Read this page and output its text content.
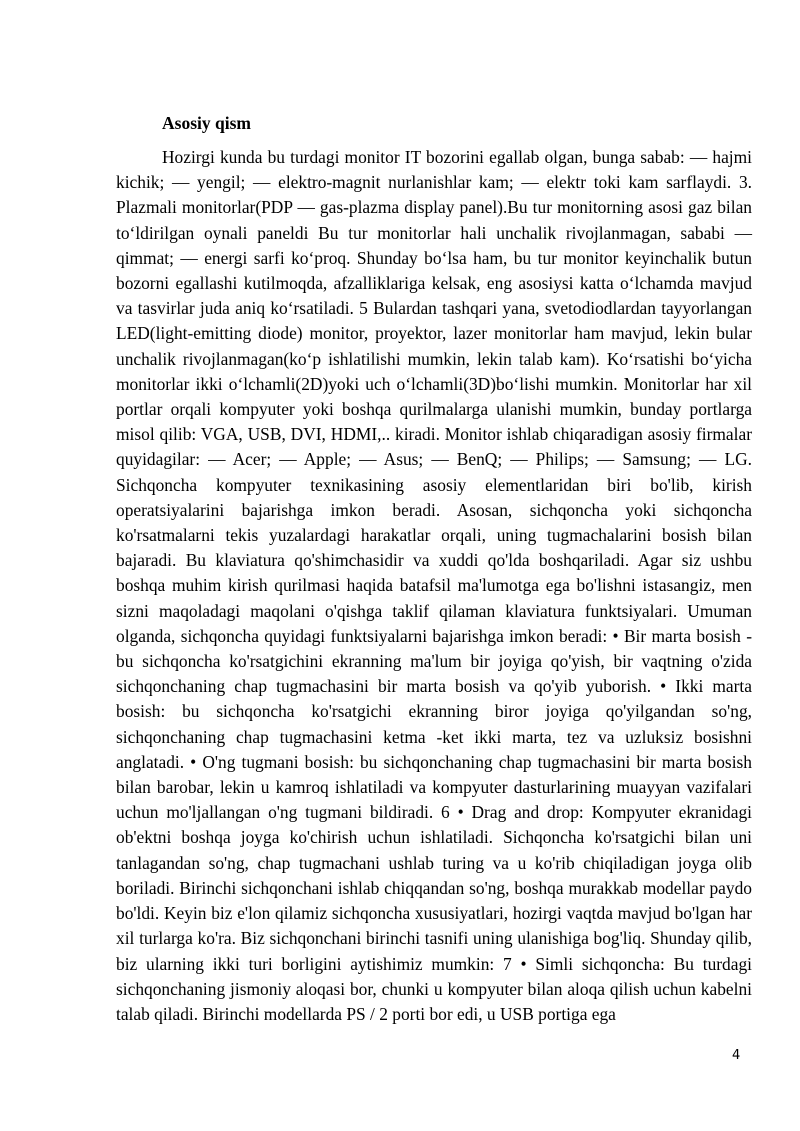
Asosiy qism

Hozirgi kunda bu turdagi monitor IT bozorini egallab olgan, bunga sabab: — hajmi kichik; — yengil; — elektro-magnit nurlanishlar kam; — elektr toki kam sarflaydi. 3. Plazmali monitorlar(PDP — gas-plazma display panel).Bu tur monitorning asosi gaz bilan to‘ldirilgan oynali paneldi Bu tur monitorlar hali unchalik rivojlanmagan, sababi — qimmat; — energi sarfi ko‘proq. Shunday bo‘lsa ham, bu tur monitor keyinchalik butun bozorni egallashi kutilmoqda, afzalliklariga kelsak, eng asosiysi katta o‘lchamda mavjud va tasvirlar juda aniq ko‘rsatiladi. 5 Bulardan tashqari yana, svetodiodlardan tayyorlangan LED(light-emitting diode) monitor, proyektor, lazer monitorlar ham mavjud, lekin bular unchalik rivojlanmagan(ko‘p ishlatilishi mumkin, lekin talab kam). Ko‘rsatishi bo‘yicha monitorlar ikki o‘lchamli(2D)yoki uch o‘lchamli(3D)bo‘lishi mumkin. Monitorlar har xil portlar orqali kompyuter yoki boshqa qurilmalarga ulanishi mumkin, bunday portlarga misol qilib: VGA, USB, DVI, HDMI,.. kiradi. Monitor ishlab chiqaradigan asosiy firmalar quyidagilar: — Acer; — Apple; — Asus; — BenQ; — Philips; — Samsung; — LG. Sichqoncha kompyuter texnikasining asosiy elementlaridan biri bo'lib, kirish operatsiyalarini bajarishga imkon beradi. Asosan, sichqoncha yoki sichqoncha ko'rsatmalarni tekis yuzalardagi harakatlar orqali, uning tugmachalarini bosish bilan bajaradi. Bu klaviatura qo'shimchasidir va xuddi qo'lda boshqariladi. Agar siz ushbu boshqa muhim kirish qurilmasi haqida batafsil ma'lumotga ega bo'lishni istasangiz, men sizni maqoladagi maqolani o'qishga taklif qilaman klaviatura funktsiyalari. Umuman olganda, sichqoncha quyidagi funktsiyalarni bajarishga imkon beradi: • Bir marta bosish - bu sichqoncha ko'rsatgichini ekranning ma'lum bir joyiga qo'yish, bir vaqtning o'zida sichqonchaning chap tugmachasini bir marta bosish va qo'yib yuborish. • Ikki marta bosish: bu sichqoncha ko'rsatgichi ekranning biror joyiga qo'yilgandan so'ng, sichqonchaning chap tugmachasini ketma -ket ikki marta, tez va uzluksiz bosishni anglatadi. • O'ng tugmani bosish: bu sichqonchaning chap tugmachasini bir marta bosish bilan barobar, lekin u kamroq ishlatiladi va kompyuter dasturlarining muayyan vazifalari uchun mo'ljallangan o'ng tugmani bildiradi. 6 • Drag and drop: Kompyuter ekranidagi ob'ektni boshqa joyga ko'chirish uchun ishlatiladi. Sichqoncha ko'rsatgichi bilan uni tanlagandan so'ng, chap tugmachani ushlab turing va u ko'rib chiqiladigan joyga olib boriladi. Birinchi sichqonchani ishlab chiqqandan so'ng, boshqa murakkab modellar paydo bo'ldi. Keyin biz e'lon qilamiz sichqoncha xususiyatlari, hozirgi vaqtda mavjud bo'lgan har xil turlarga ko'ra. Biz sichqonchani birinchi tasnifi uning ulanishiga bog'liq. Shunday qilib, biz ularning ikki turi borligini aytishimiz mumkin: 7 • Simli sichqoncha: Bu turdagi sichqonchaning jismoniy aloqasi bor, chunki u kompyuter bilan aloqa qilish uchun kabelni talab qiladi. Birinchi modellarda PS / 2 porti bor edi, u USB portiga ega

4
